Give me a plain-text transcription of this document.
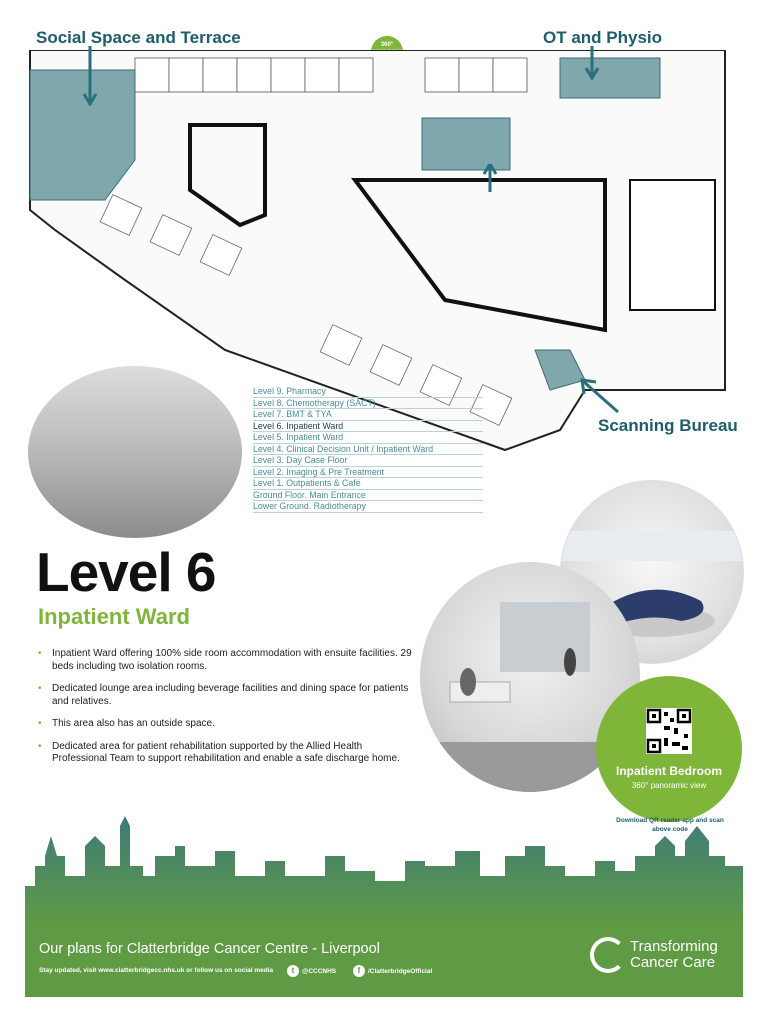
Social Space and Terrace	OT and Physio
Scanning Bureau
360°
Level 9. Pharmacy
Level 8. Chemotherapy (SACT)
Level 7. BMT & TYA
Level 6. Inpatient Ward
Level 5. Inpatient Ward
Level 4. Clinical Decision Unit / Inpatient Ward
Level 3. Day Case Floor
Level 2. Imaging & Pre Treatment
Level 1. Outpatients & Café
Ground Floor. Main Entrance
Lower Ground. Radiotherapy
Level 6
Inpatient Ward
• Inpatient Ward offering 100% side room accommodation with ensuite facilities. 29 beds including two isolation rooms.
• Dedicated lounge area including beverage facilities and dining space for patients and relatives.
• This area also has an outside space.
• Dedicated area for patient rehabilitation supported by the Allied Health Professional Team to support rehabilitation and enable a safe discharge home.
Inpatient Bedroom
360° panoramic view
Download QR reader app and scan above code
Our plans for Clatterbridge Cancer Centre - Liverpool
Stay updated, visit www.clatterbridgecc.nhs.uk or follow us on social media	t	@CCCNHS	f	/ClatterbridgeOfficial
Transforming
Cancer Care
